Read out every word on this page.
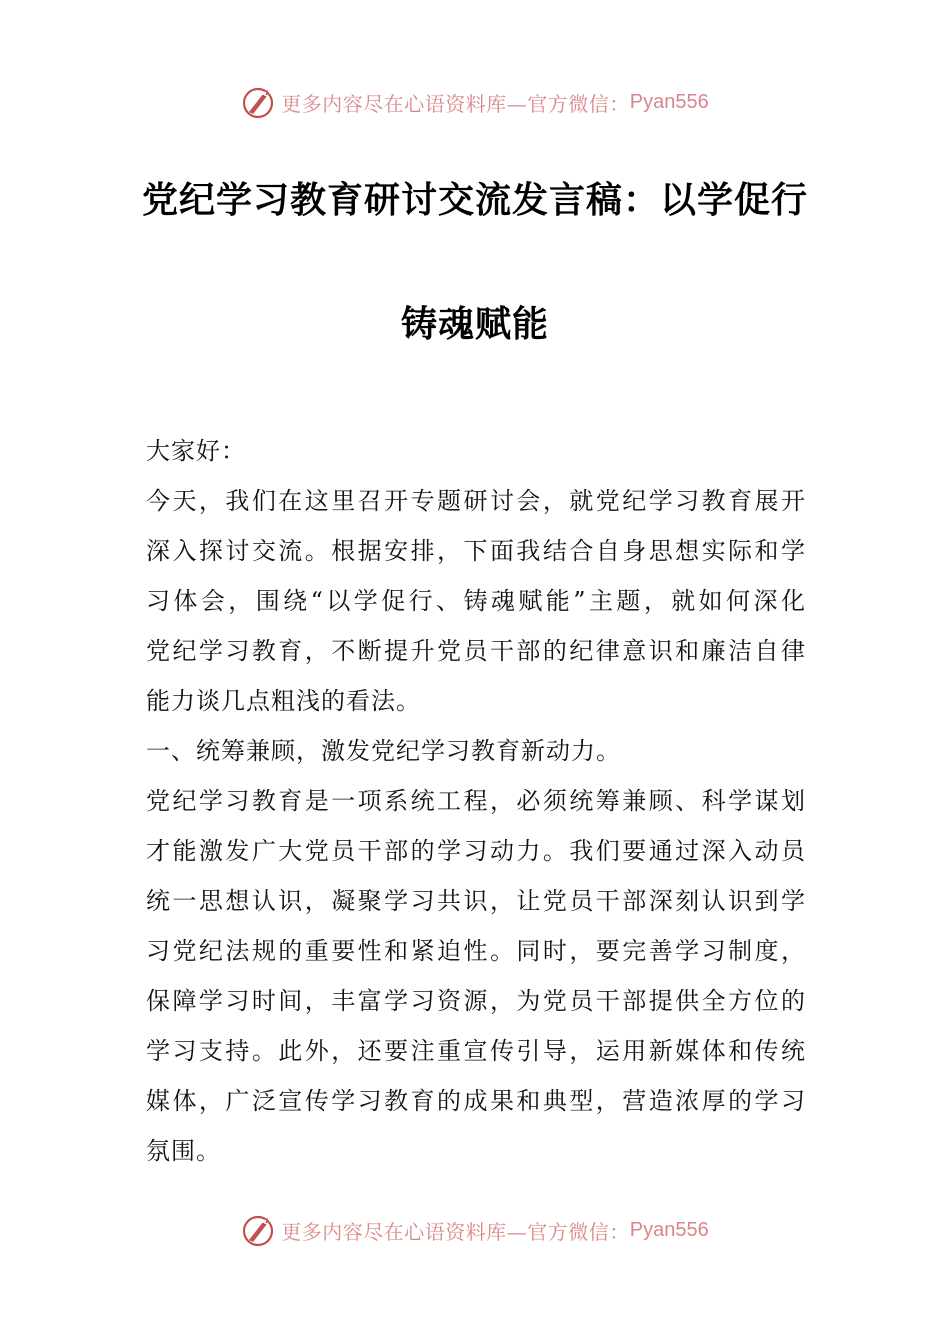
更多内容尽在心语资料库—官方微信： Pyan556
党纪学习教育研讨交流发言稿：以学促行
铸魂赋能
大家好：
今天，我们在这里召开专题研讨会，就党纪学习教育展开
深入探讨交流。根据安排，下面我结合自身思想实际和学
习体会，围绕“以学促行、铸魂赋能”主题，就如何深化
党纪学习教育，不断提升党员干部的纪律意识和廉洁自律
能力谈几点粗浅的看法。
一、统筹兼顾，激发党纪学习教育新动力。
党纪学习教育是一项系统工程，必须统筹兼顾、科学谋划
才能激发广大党员干部的学习动力。我们要通过深入动员
统一思想认识，凝聚学习共识，让党员干部深刻认识到学
习党纪法规的重要性和紧迫性。同时，要完善学习制度，
保障学习时间，丰富学习资源，为党员干部提供全方位的
学习支持。此外，还要注重宣传引导，运用新媒体和传统
媒体，广泛宣传学习教育的成果和典型，营造浓厚的学习
氛围。
更多内容尽在心语资料库—官方微信： Pyan556
